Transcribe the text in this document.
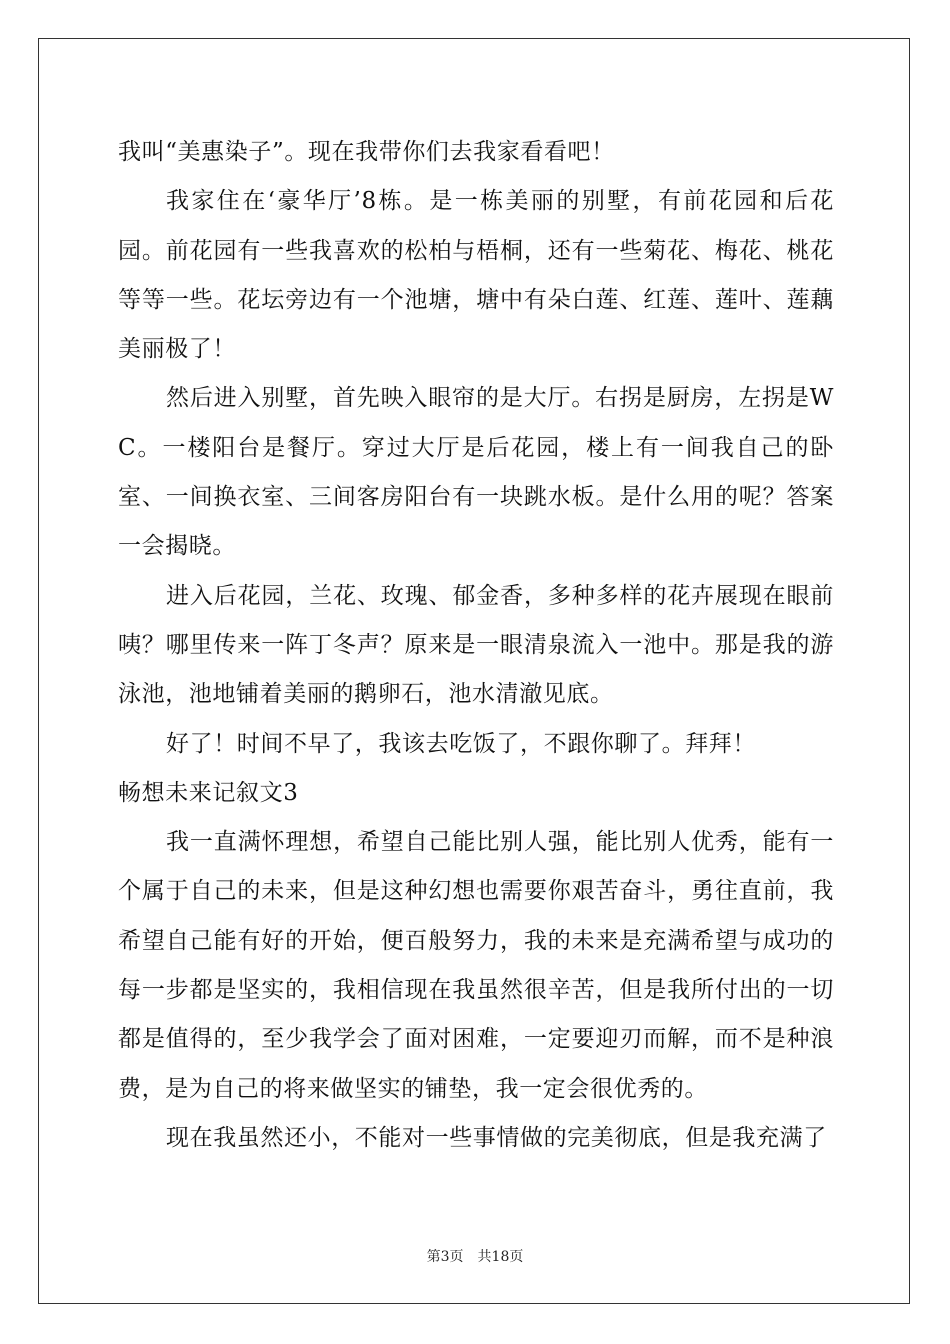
我叫“美惠染子”。现在我带你们去我家看看吧！

我家住在‘豪华厅’8栋。是一栋美丽的别墅，有前花园和后花园。前花园有一些我喜欢的松柏与梧桐，还有一些菊花、梅花、桃花等等一些。花坛旁边有一个池塘，塘中有朵白莲、红莲、莲叶、莲藕美丽极了！

然后进入别墅，首先映入眼帘的是大厅。右拐是厨房，左拐是WC。一楼阳台是餐厅。穿过大厅是后花园，楼上有一间我自己的卧室、一间换衣室、三间客房阳台有一块跳水板。是什么用的呢？答案一会揭晓。

进入后花园，兰花、玫瑰、郁金香，多种多样的花卉展现在眼前咦？哪里传来一阵丁冬声？原来是一眼清泉流入一池中。那是我的游泳池，池地铺着美丽的鹅卵石，池水清澈见底。

好了！时间不早了，我该去吃饭了，不跟你聊了。拜拜！

畅想未来记叙文3

我一直满怀理想，希望自己能比别人强，能比别人优秀，能有一个属于自己的未来，但是这种幻想也需要你艰苦奋斗，勇往直前，我希望自己能有好的开始，便百般努力，我的未来是充满希望与成功的每一步都是坚实的，我相信现在我虽然很辛苦，但是我所付出的一切都是值得的，至少我学会了面对困难，一定要迎刃而解，而不是种浪费，是为自己的将来做坚实的铺垫，我一定会很优秀的。

现在我虽然还小，不能对一些事情做的完美彻底，但是我充满了

第3页 共18页
